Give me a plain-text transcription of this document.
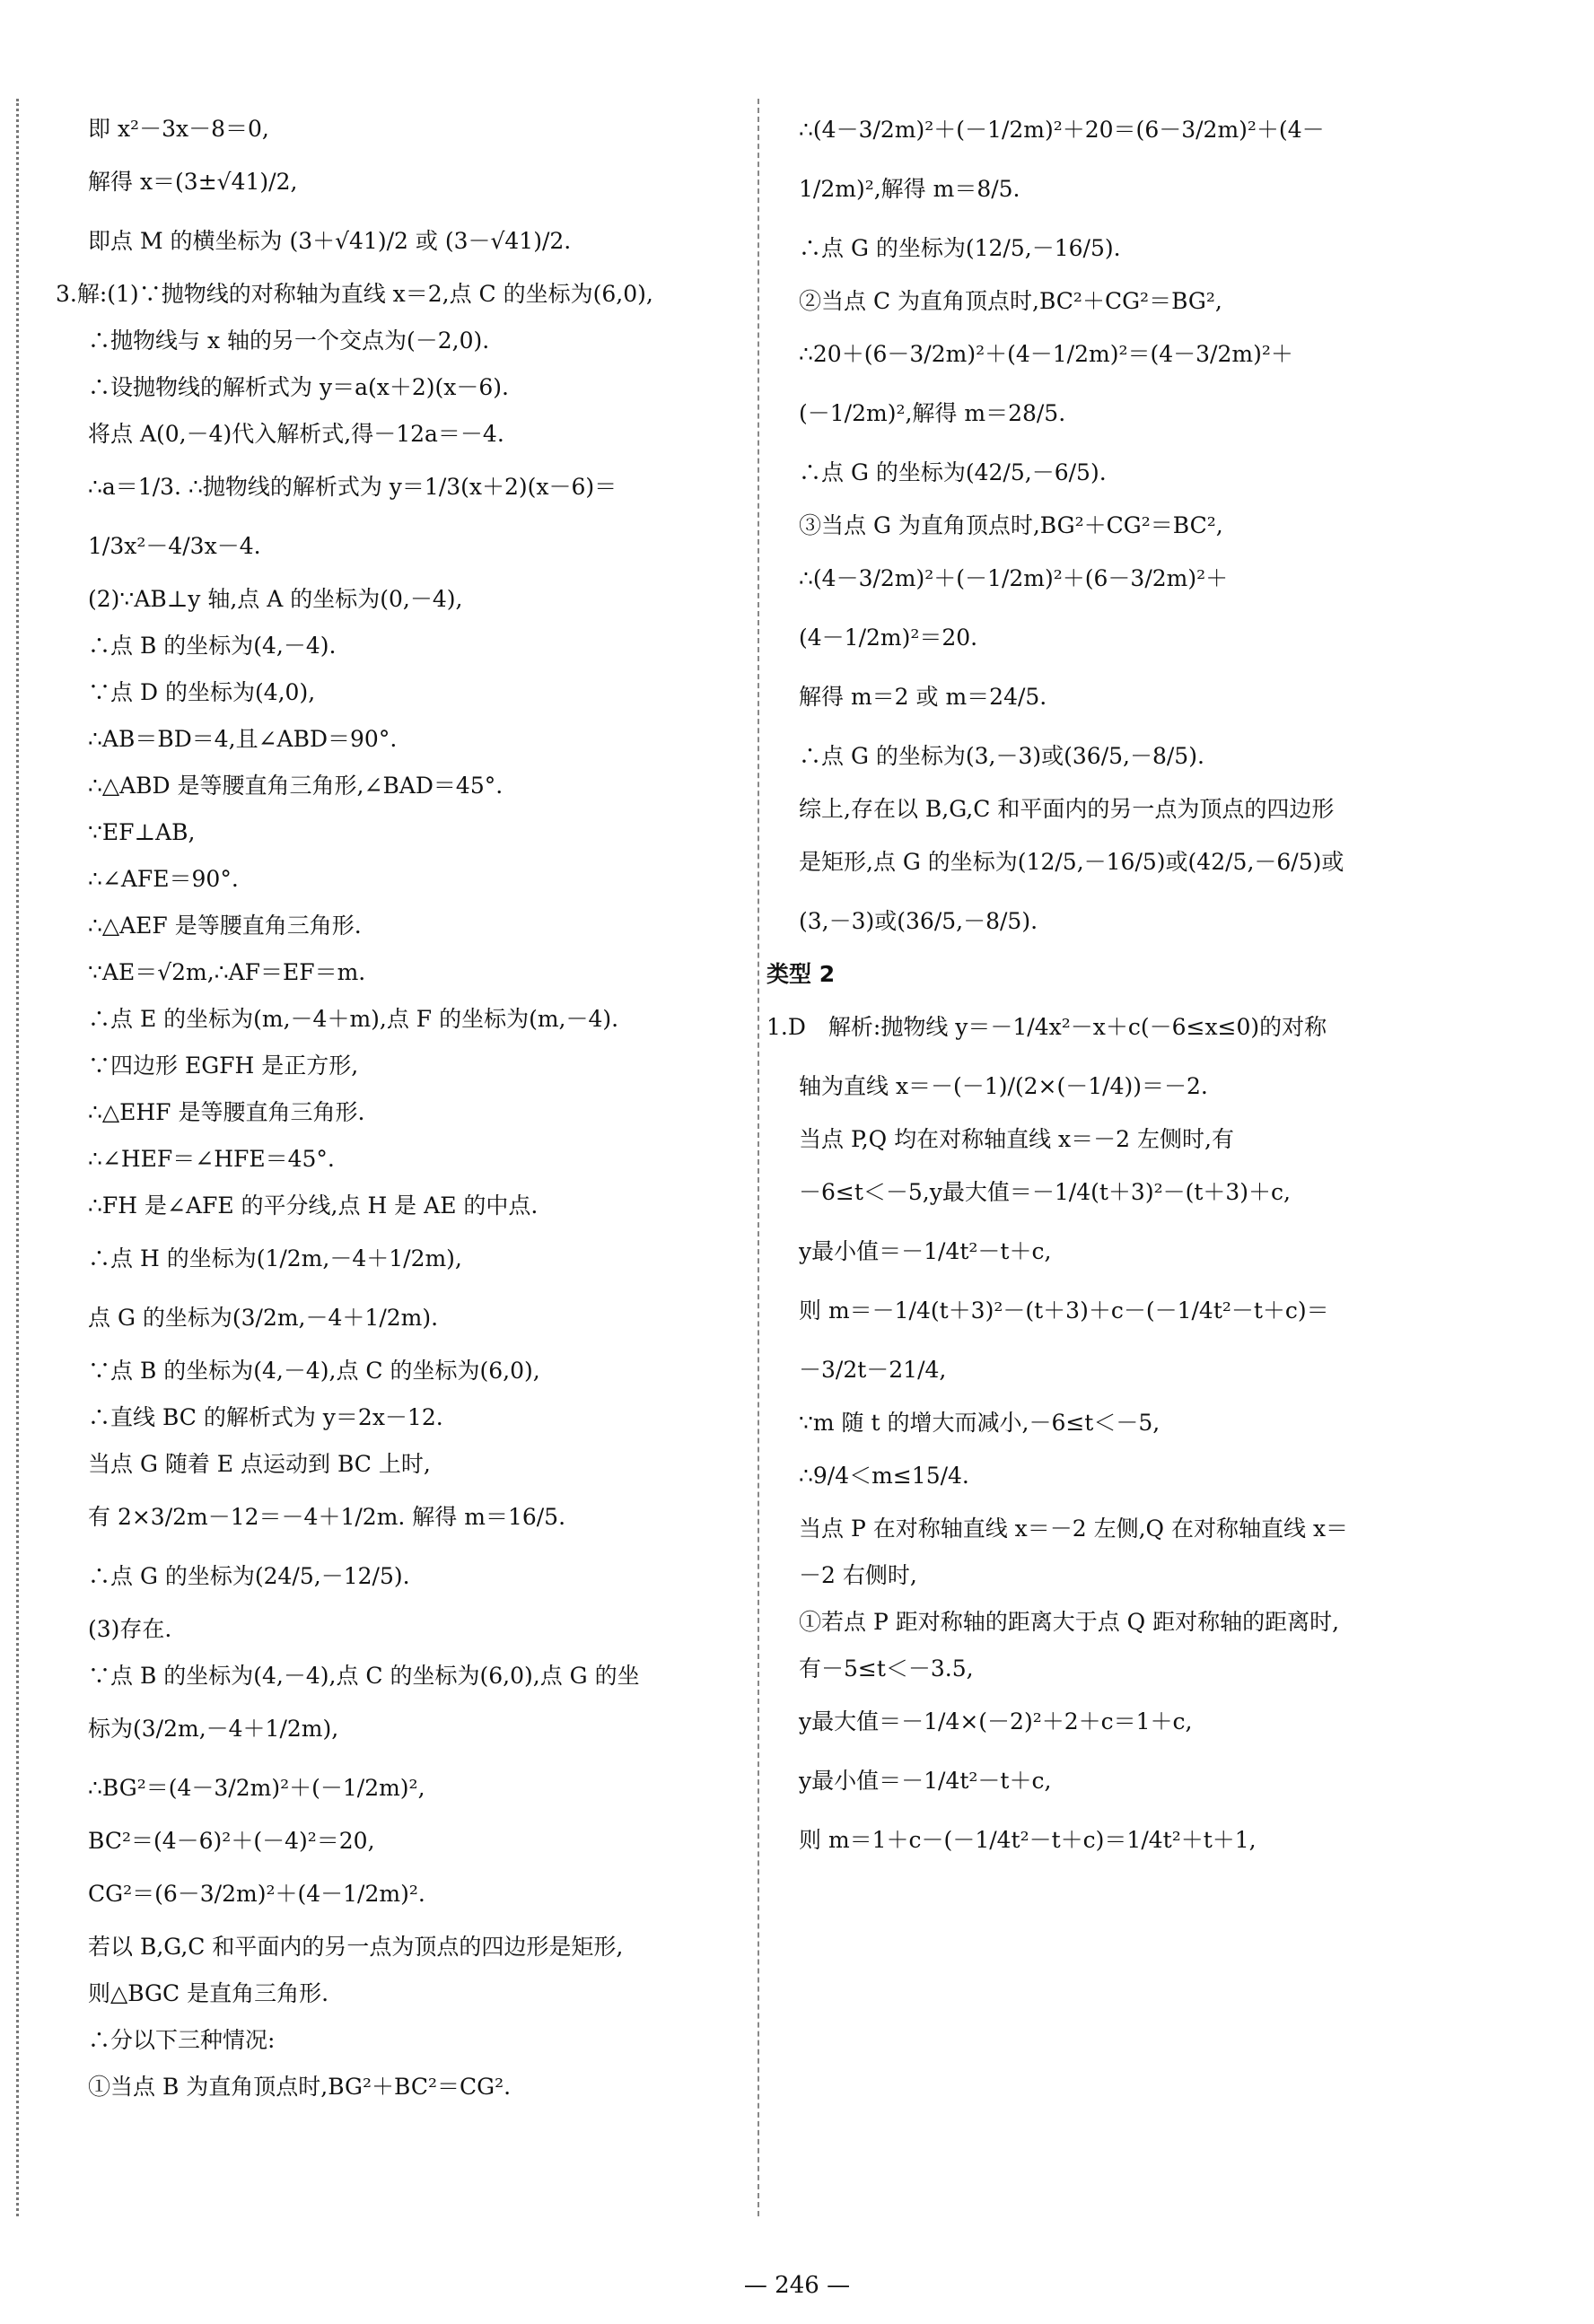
即 x²－3x－8＝0,
解得 x＝(3±√41)/2,
即点 M 的横坐标为 (3＋√41)/2 或 (3－√41)/2.
3.解:(1)∵抛物线的对称轴为直线 x＝2,点 C 的坐标为(6,0),
∴抛物线与 x 轴的另一个交点为(－2,0).
∴设抛物线的解析式为 y＝a(x＋2)(x－6).
将点 A(0,－4)代入解析式,得－12a＝－4.
∴a＝1/3. ∴抛物线的解析式为 y＝1/3(x＋2)(x－6)＝
1/3x²－4/3x－4.
(2)∵AB⊥y 轴,点 A 的坐标为(0,－4),
∴点 B 的坐标为(4,－4).
∵点 D 的坐标为(4,0),
∴AB＝BD＝4,且∠ABD＝90°.
∴△ABD 是等腰直角三角形,∠BAD＝45°.
∵EF⊥AB,
∴∠AFE＝90°.
∴△AEF 是等腰直角三角形.
∵AE＝√2m,∴AF＝EF＝m.
∴点 E 的坐标为(m,－4＋m),点 F 的坐标为(m,－4).
∵四边形 EGFH 是正方形,
∴△EHF 是等腰直角三角形.
∴∠HEF＝∠HFE＝45°.
∴FH 是∠AFE 的平分线,点 H 是 AE 的中点.
∴点 H 的坐标为(1/2m,－4＋1/2m),
点 G 的坐标为(3/2m,－4＋1/2m).
∵点 B 的坐标为(4,－4),点 C 的坐标为(6,0),
∴直线 BC 的解析式为 y＝2x－12.
当点 G 随着 E 点运动到 BC 上时,
有 2×3/2m－12＝－4＋1/2m. 解得 m＝16/5.
∴点 G 的坐标为(24/5,－12/5).
(3)存在.
∵点 B 的坐标为(4,－4),点 C 的坐标为(6,0),点 G 的坐
标为(3/2m,－4＋1/2m),
∴BG²＝(4－3/2m)²＋(－1/2m)²,
BC²＝(4－6)²＋(－4)²＝20,
CG²＝(6－3/2m)²＋(4－1/2m)².
若以 B,G,C 和平面内的另一点为顶点的四边形是矩形,
则△BGC 是直角三角形.
∴分以下三种情况:
①当点 B 为直角顶点时,BG²＋BC²＝CG².
∴(4－3/2m)²＋(－1/2m)²＋20＝(6－3/2m)²＋(4－
1/2m)²,解得 m＝8/5.
∴点 G 的坐标为(12/5,－16/5).
②当点 C 为直角顶点时,BC²＋CG²＝BG²,
∴20＋(6－3/2m)²＋(4－1/2m)²＝(4－3/2m)²＋
(－1/2m)²,解得 m＝28/5.
∴点 G 的坐标为(42/5,－6/5).
③当点 G 为直角顶点时,BG²＋CG²＝BC²,
∴(4－3/2m)²＋(－1/2m)²＋(6－3/2m)²＋
(4－1/2m)²＝20.
解得 m＝2 或 m＝24/5.
∴点 G 的坐标为(3,－3)或(36/5,－8/5).
综上,存在以 B,G,C 和平面内的另一点为顶点的四边形
是矩形,点 G 的坐标为(12/5,－16/5)或(42/5,－6/5)或
(3,－3)或(36/5,－8/5).
类型 2
1.D　解析:抛物线 y＝－1/4x²－x＋c(－6≤x≤0)的对称
轴为直线 x＝－(－1)/(2×(－1/4))＝－2.
当点 P,Q 均在对称轴直线 x＝－2 左侧时,有
－6≤t＜－5,y最大值＝－1/4(t＋3)²－(t＋3)＋c,
y最小值＝－1/4t²－t＋c,
则 m＝－1/4(t＋3)²－(t＋3)＋c－(－1/4t²－t＋c)＝
－3/2t－21/4,
∵m 随 t 的增大而减小,－6≤t＜－5,
∴9/4＜m≤15/4.
当点 P 在对称轴直线 x＝－2 左侧,Q 在对称轴直线 x＝
－2 右侧时,
①若点 P 距对称轴的距离大于点 Q 距对称轴的距离时,
有－5≤t＜－3.5,
y最大值＝－1/4×(－2)²＋2＋c＝1＋c,
y最小值＝－1/4t²－t＋c,
则 m＝1＋c－(－1/4t²－t＋c)＝1/4t²＋t＋1,
— 246 —
